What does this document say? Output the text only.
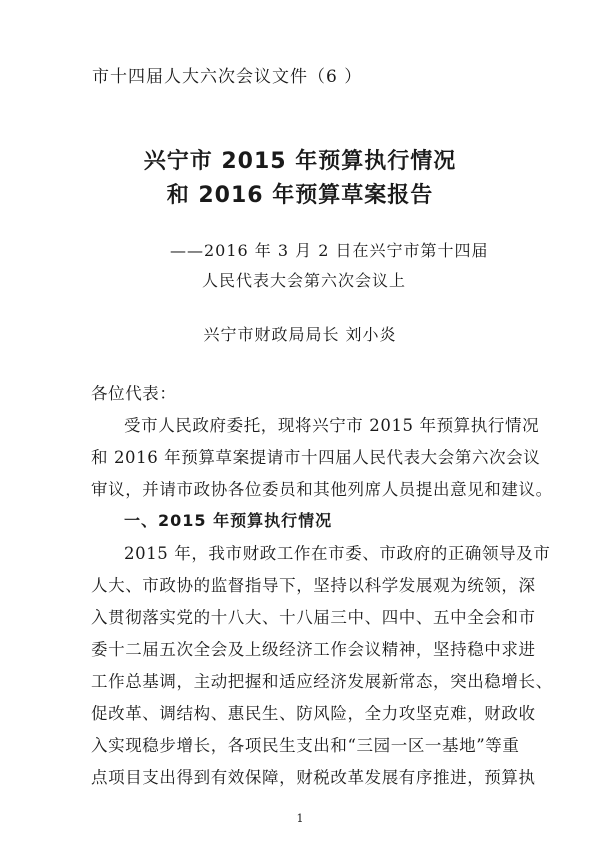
市十四届人大六次会议文件（6 ）
兴宁市 2015 年预算执行情况
和 2016 年预算草案报告
——2016 年 3 月 2 日在兴宁市第十四届
人民代表大会第六次会议上
兴宁市财政局局长 刘小炎
各位代表：
受市人民政府委托，现将兴宁市 2015 年预算执行情况
和 2016 年预算草案提请市十四届人民代表大会第六次会议
审议，并请市政协各位委员和其他列席人员提出意见和建议。
一、2015 年预算执行情况
2015 年，我市财政工作在市委、市政府的正确领导及市
人大、市政协的监督指导下，坚持以科学发展观为统领，深
入贯彻落实党的十八大、十八届三中、四中、五中全会和市
委十二届五次全会及上级经济工作会议精神，坚持稳中求进
工作总基调，主动把握和适应经济发展新常态，突出稳增长、
促改革、调结构、惠民生、防风险，全力攻坚克难，财政收
入实现稳步增长，各项民生支出和“三园一区一基地”等重
点项目支出得到有效保障，财税改革发展有序推进，预算执
1
